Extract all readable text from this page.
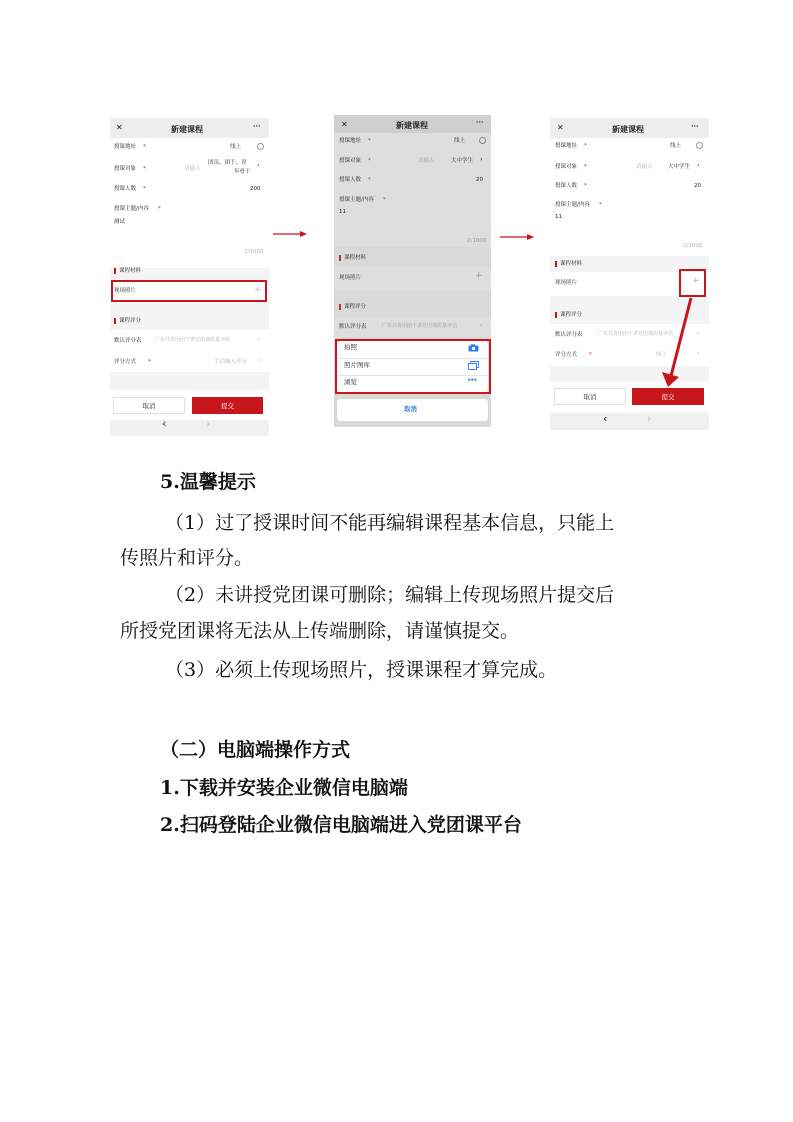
✕	新建课程	···
授课地址 *	线上
授课对象 *	请输入
团员、团干、青
年骨干
›
授课人数 *	200
授课主题/内容 *
测试
2/1000
课程材料
现场照片	+
课程评分
默认评分表	广东共青团团干讲党团课质量评估	›
评分方式 *	手动输入评分 ›
取消	提交
‹	›
✕	新建课程	···
授课地址 *	线上
授课对象 *	请输入	大中学生 ›
授课人数 *	20
授课主题/内容 *
11
2/1000
课程材料
现场照片	+
课程评分
默认评分表	广东共青团团干讲党团课质量评估	›
拍照
照片图库
浏览	•••
取消
✕	新建课程	···
授课地址 *	线上
授课对象 *	请输入	大中学生 ›
授课人数 *	20
授课主题/内容 *
11
2/1000
课程材料
现场照片	+
课程评分
默认评分表	广东共青团团干讲党团课质量评估	›
评分方式 *	线上	›
取消	提交
‹	›
5.温馨提示
（1）过了授课时间不能再编辑课程基本信息，只能上
传照片和评分。
（2）未讲授党团课可删除；编辑上传现场照片提交后
所授党团课将无法从上传端删除，请谨慎提交。
（3）必须上传现场照片，授课课程才算完成。
（二）电脑端操作方式
1.下载并安装企业微信电脑端
2.扫码登陆企业微信电脑端进入党团课平台
